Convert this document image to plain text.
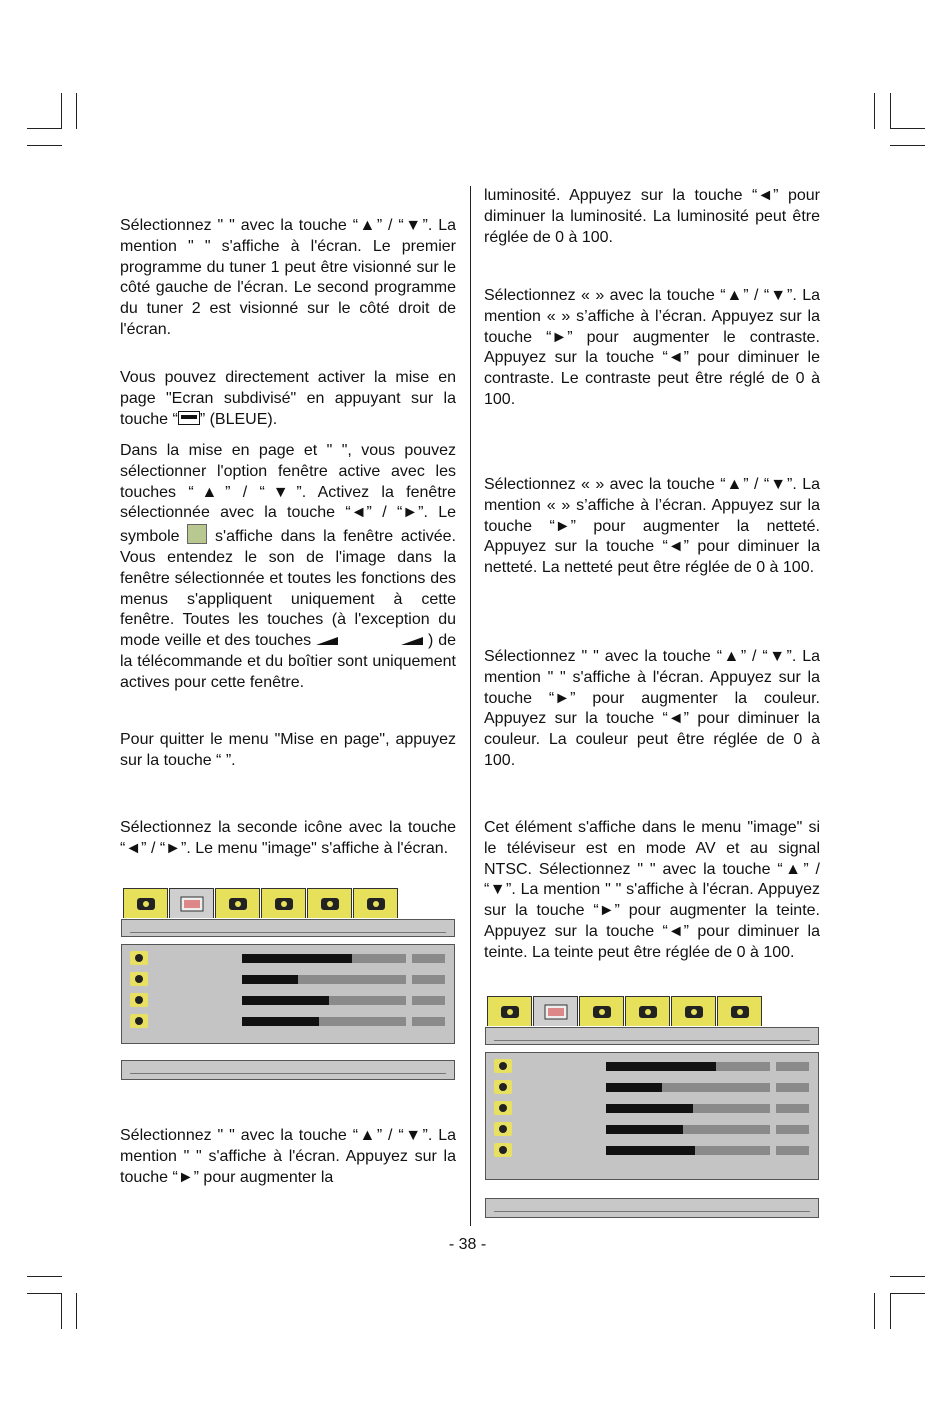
Sélectionnez " " avec la touche “▲” / “▼”. La mention " " s'affiche à l'écran. Le premier programme du tuner 1 peut être visionné sur le côté gauche de l'écran. Le second programme du tuner 2 est visionné sur le côté droit de l'écran.

Vous pouvez directement activer la mise en page "Ecran subdivisé" en appuyant sur la touche “ ” (BLEUE).

Dans la mise en page et " ", vous pouvez sélectionner l'option fenêtre active avec les touches “▲” / “▼”. Activez la fenêtre sélectionnée avec la touche “◄” / “►”. Le symbole  s'affiche dans la fenêtre activée. Vous entendez le son de l'image dans la fenêtre sélectionnée et toutes les fonctions des menus s'appliquent uniquement à cette fenêtre. Toutes les touches (à l'exception du mode veille et des touches	) de la télécommande et du boîtier sont uniquement actives pour cette fenêtre.

Pour quitter le menu "Mise en page", appuyez sur la touche “ ”.

Sélectionnez la seconde icône avec la touche “◄” / “►”. Le menu "image" s'affiche à l'écran.

Sélectionnez " " avec la touche “▲” / “▼”. La mention " " s'affiche à l'écran. Appuyez sur la touche “►” pour augmenter la

luminosité. Appuyez sur la touche “◄” pour diminuer la luminosité. La luminosité peut être réglée de 0 à 100.

Sélectionnez « » avec la touche “▲” / “▼”. La mention « » s’affiche à l’écran. Appuyez sur la touche “►” pour augmenter le contraste. Appuyez sur la touche “◄” pour diminuer le contraste. Le contraste peut être réglé de 0 à 100.

Sélectionnez « » avec la touche “▲” / “▼”. La mention « » s’affiche à l’écran. Appuyez sur la touche “►” pour augmenter la netteté. Appuyez sur la touche “◄” pour diminuer la netteté. La netteté peut être réglée de 0 à 100.

Sélectionnez " " avec la touche “▲” / “▼”. La mention " " s'affiche à l'écran. Appuyez sur la touche “►” pour augmenter la couleur. Appuyez sur la touche “◄” pour diminuer la couleur. La couleur peut être réglée de 0 à 100.

Cet élément s'affiche dans le menu "image" si le téléviseur est en mode AV et au signal NTSC. Sélectionnez " " avec la touche “▲” / “▼”. La mention " " s'affiche à l'écran. Appuyez sur la touche “►” pour augmenter la teinte. Appuyez sur la touche “◄” pour diminuer la teinte. La teinte peut être réglée de 0 à 100.

- 38 -
